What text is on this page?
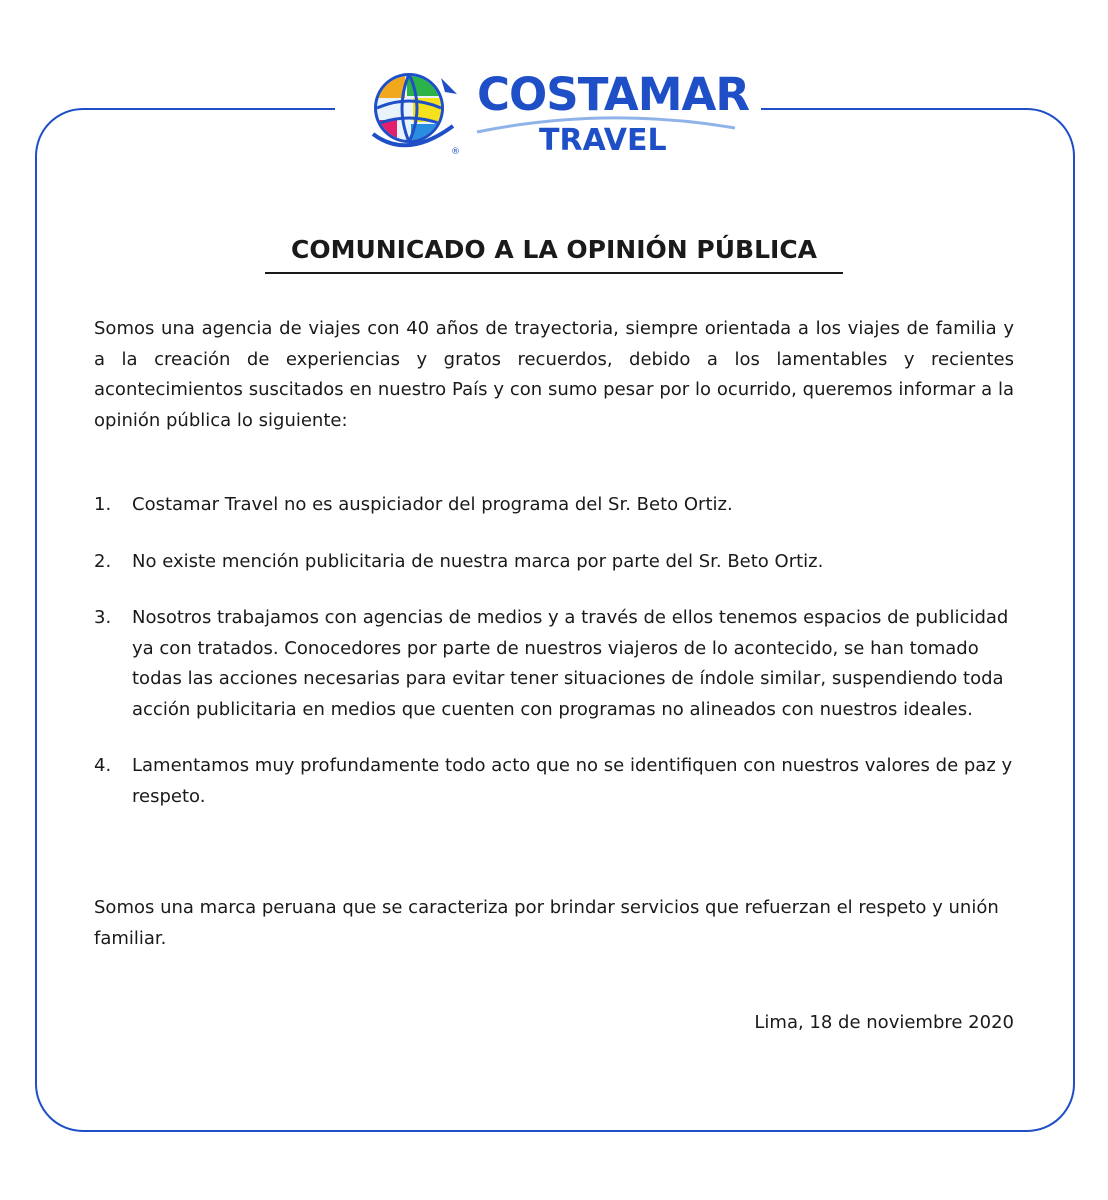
®
COSTAMAR
TRAVEL
COMUNICADO A LA OPINIÓN PÚBLICA
Somos una agencia de viajes con 40 años de trayectoria, siempre orientada a los viajes de familia y a la creación de experiencias y gratos recuerdos, debido a los lamentables y recientes acontecimientos suscitados en nuestro País y con sumo pesar por lo ocurrido, queremos informar a la opinión pública lo siguiente:
1. Costamar Travel no es auspiciador del programa del Sr. Beto Ortiz.
2. No existe mención publicitaria de nuestra marca por parte del Sr. Beto Ortiz.
3. Nosotros trabajamos con agencias de medios y a través de ellos tenemos espacios de publicidad ya con tratados. Conocedores por parte de nuestros viajeros de lo acontecido, se han tomado todas las acciones necesarias para evitar tener situaciones de índole similar, suspendiendo toda acción publicitaria en medios que cuenten con programas no alineados con nuestros ideales.
4. Lamentamos muy profundamente todo acto que no se identifiquen con nuestros valores de paz y respeto.
Somos una marca peruana que se caracteriza por brindar servicios que refuerzan el respeto y unión familiar.
Lima, 18 de noviembre 2020
